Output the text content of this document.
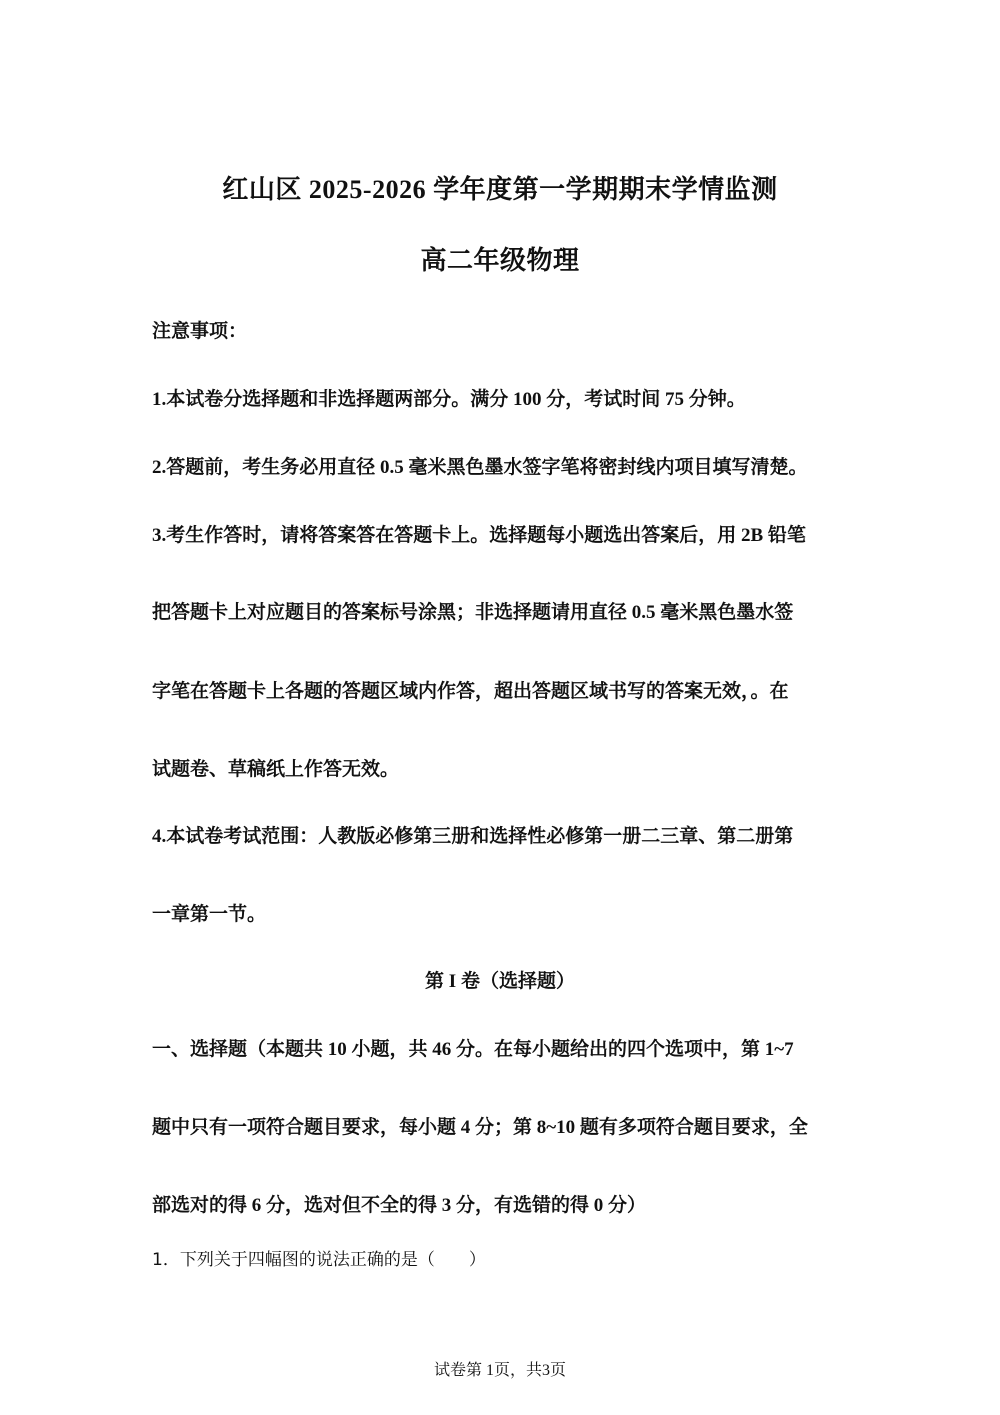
红山区 2025-2026 学年度第一学期期末学情监测
高二年级物理
注意事项：
1.本试卷分选择题和非选择题两部分。满分 100 分，考试时间 75 分钟。
2.答题前，考生务必用直径 0.5 毫米黑色墨水签字笔将密封线内项目填写清楚。
3.考生作答时，请将答案答在答题卡上。选择题每小题选出答案后，用 2B 铅笔
把答题卡上对应题目的答案标号涂黑；非选择题请用直径 0.5 毫米黑色墨水签
字笔在答题卡上各题的答题区域内作答，超出答题区域书写的答案无效，。在
试题卷、草稿纸上作答无效。
4.本试卷考试范围：人教版必修第三册和选择性必修第一册二三章、第二册第
一章第一节。
第 I 卷（选择题）
一、选择题（本题共 10 小题，共 46 分。在每小题给出的四个选项中，第 1~7
题中只有一项符合题目要求，每小题 4 分；第 8~10 题有多项符合题目要求，全
部选对的得 6 分，选对但不全的得 3 分，有选错的得 0 分）
1．下列关于四幅图的说法正确的是（　　）
试卷第 1页，共3页
